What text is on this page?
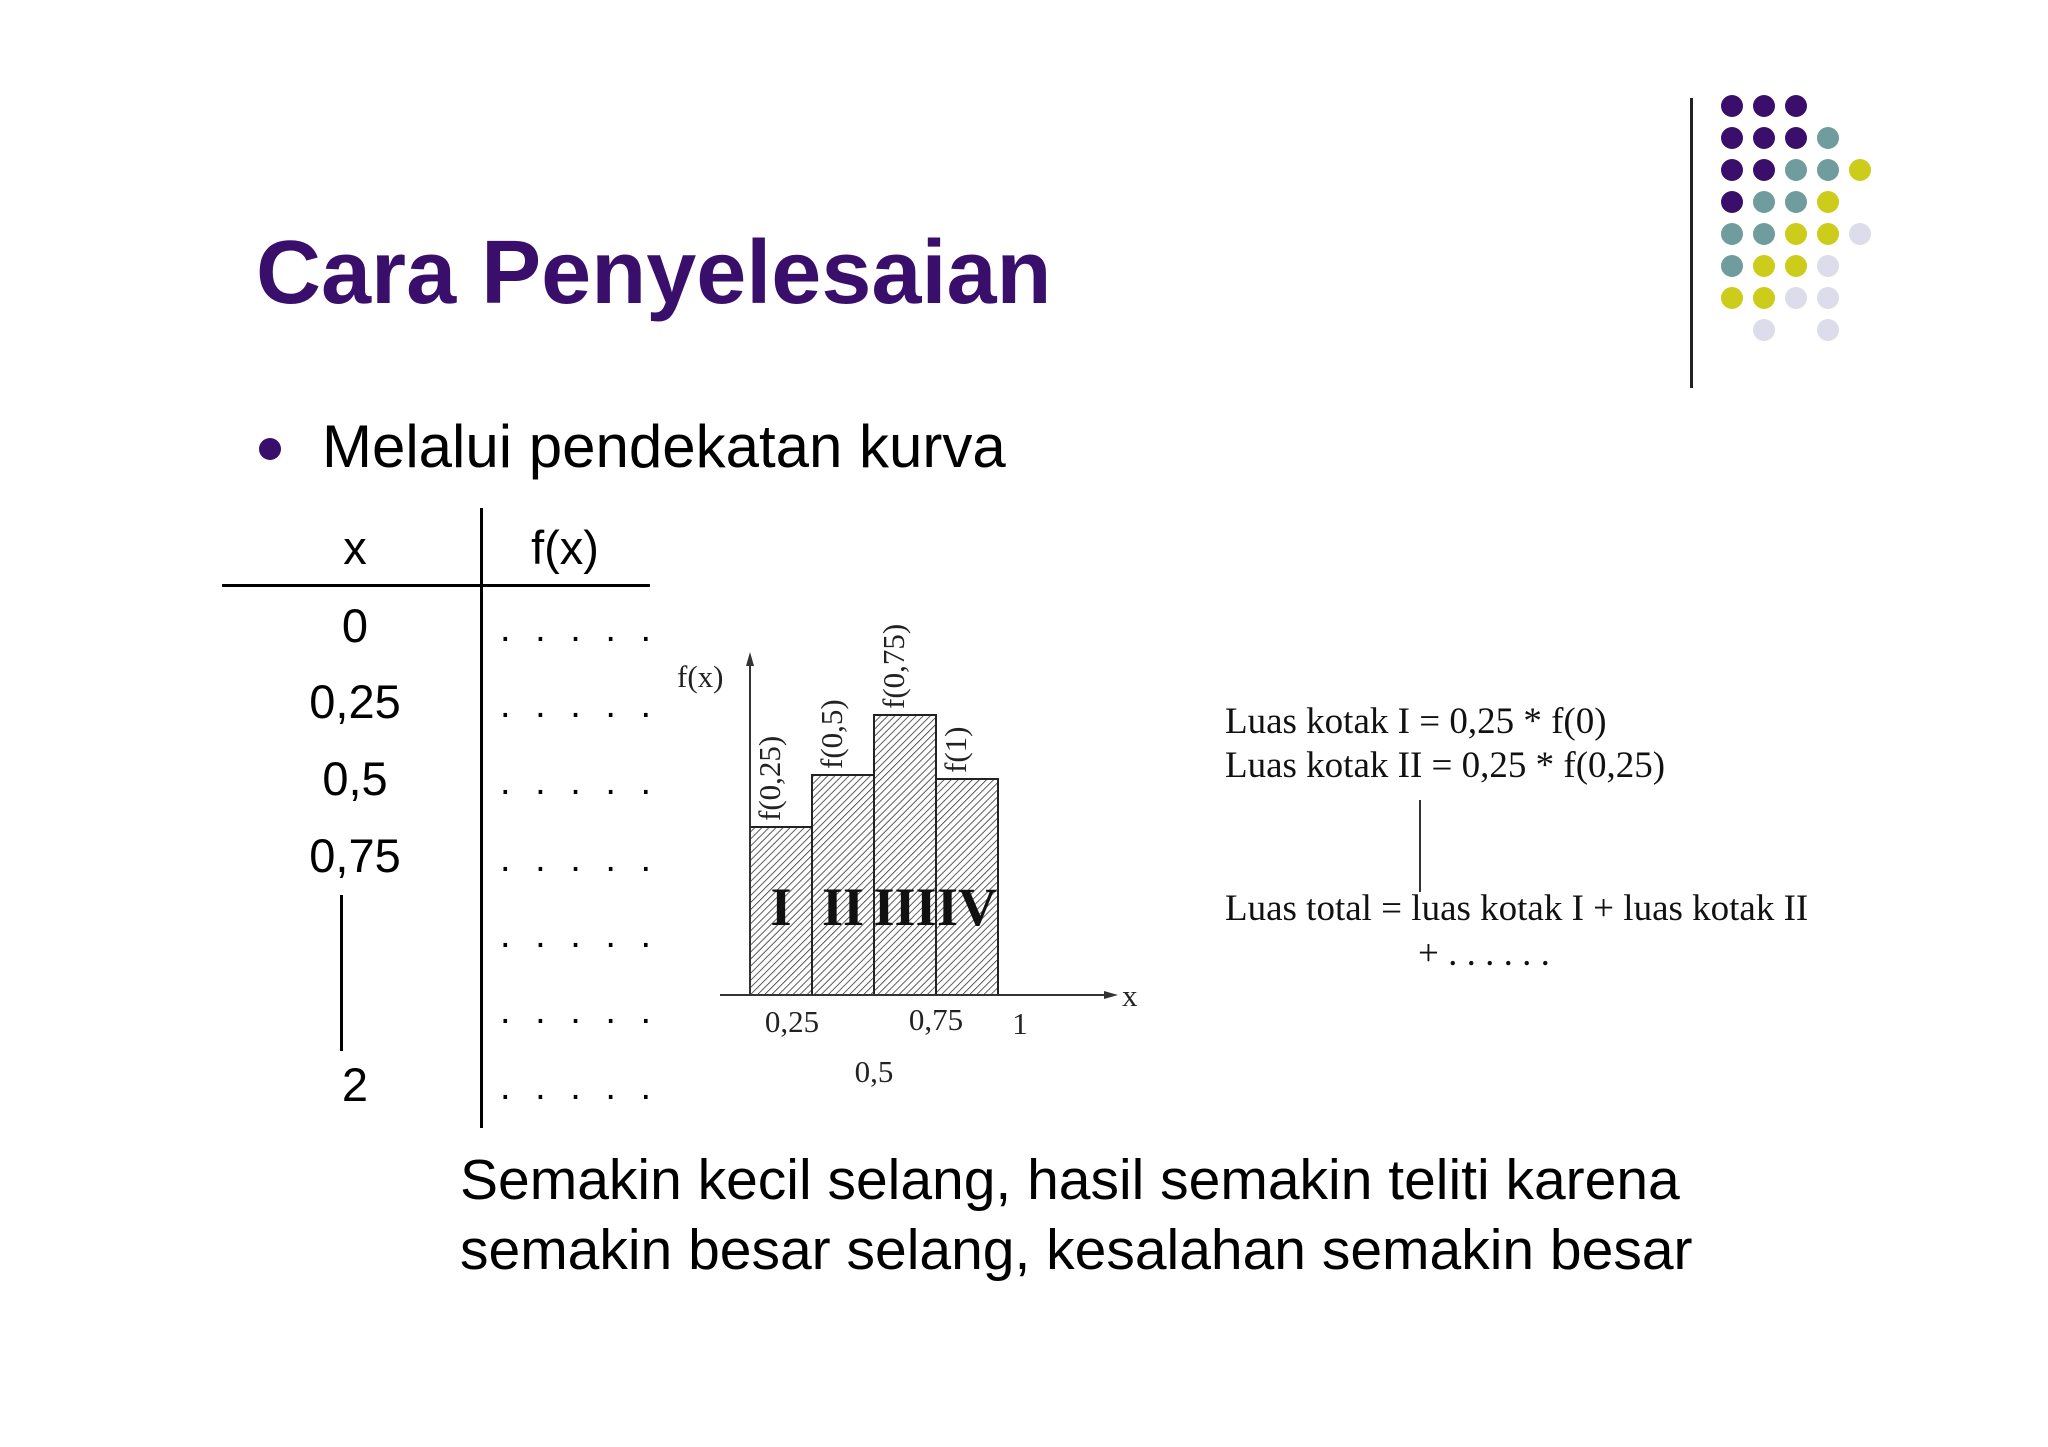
Cara Penyelesaian
Melalui pendekatan kurva
x	f(x)
0
0,25
0,5
0,75
2
. . . . .
. . . . .
. . . . .
. . . . .
. . . . .
. . . . .
. . . . .
f(x)
x
I
f(0,25)
II
f(0,5)
III
f(0,75)
IV
f(1)
0,25
0,5
0,75 1
Luas kotak I = 0,25 * f(0)
Luas kotak II = 0,25 * f(0,25)
Luas total = luas kotak I + luas kotak II
+ . . . . . .
Semakin kecil selang, hasil semakin teliti karena
semakin besar selang, kesalahan semakin besar
